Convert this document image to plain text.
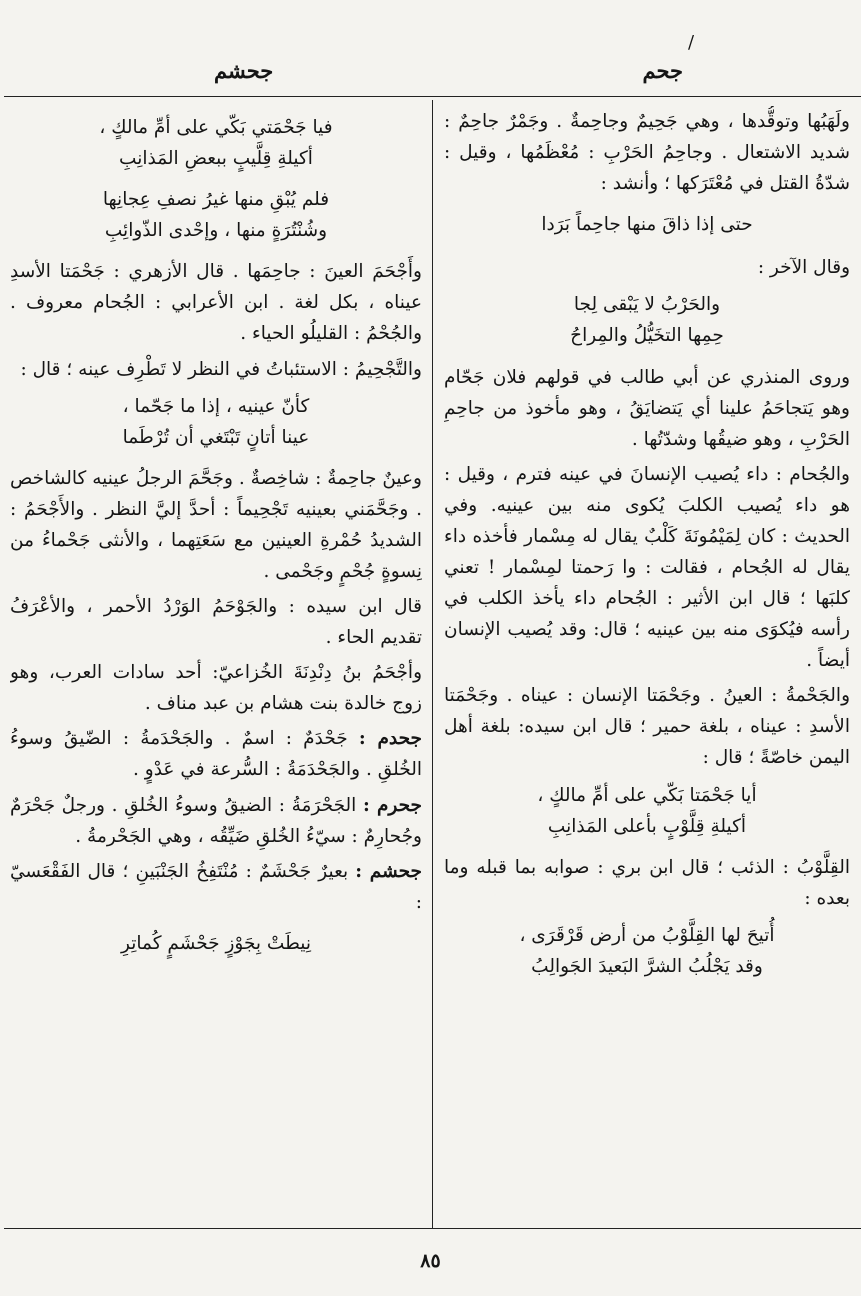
جحم
جحشم
/

ولَهَبُها وتوقُّدها ، وهي جَحِيمٌ وجاحِمةٌ . وجَمْرٌ جاحِمٌ : شديد الاشتعال . وجاحِمُ الحَرْبِ : مُعْظَمُها ، وقيل : شدّةُ القتل في مُعْتَرَكها ؛ وأنشد :

حتى إذا ذاقَ منها جاحِماً بَرَدا

وقال الآخر :

والحَرْبُ لا يَبْقى لِجا
حِمِها التخَيُّلُ والمِراحُ

وروى المنذري عن أبي طالب في قولهم فلان جَحّام وهو يَتجاحَمُ علينا أي يَتضايَقُ ، وهو مأخوذ من جاحِمِ الحَرْبِ ، وهو ضيقُها وشدّتُها .

والجُحام : داء يُصيب الإنسانَ في عينه فترم ، وقيل : هو داء يُصيب الكلبَ يُكوى منه بين عينيه. وفي الحديث : كان لِمَيْمُونَةَ كَلْبٌ يقال له مِسْمار فأخذه داء يقال له الجُحام ، فقالت : وا رَحمتا لمِسْمار ! تعني كلبَها ؛ قال ابن الأثير : الجُحام داء يأخذ الكلب في رأسه فيُكوَى منه بين عينيه ؛ قال: وقد يُصيب الإنسان أيضاً .

والجَحْمةُ : العينُ . وجَحْمَتا الإنسان : عيناه . وجَحْمَتا الأسدِ : عيناه ، بلغة حمير ؛ قال ابن سيده: بلغة أهل اليمن خاصّةً ؛ قال :

أيا جَحْمَتا بَكّي على أمِّ مالكٍ ،
أكيلةِ قِلَّوْبٍ بأعلى المَذانِبِ

القِلَّوْبُ : الذئب ؛ قال ابن بري : صوابه بما قبله وما بعده :

أُتيحَ لها القِلَّوْبُ من أرض قَرْقَرَى ،
وقد يَجْلُبُ الشرَّ البَعيدَ الجَوالِبُ
فيا جَحْمَتي بَكّي على أمِّ مالكٍ ،
أكيلةِ قِلَّيبٍ ببعضِ المَذانِبِ
فلم يُبْقِ منها غيرُ نصفِ عِجانِها
وشُنْتُرَةٍ منها ، وإحْدى الذّوائِبِ

وأَجْحَمَ العينَ : جاحِمَها . قال الأزهري : جَحْمَتا الأسدِ عيناه ، بكل لغة . ابن الأعرابي : الجُحام معروف . والجُحْمُ : القليلُو الحياء .

والتَّجْحِيمُ : الاستئباتُ في النظر لا تَطْرِف عينه ؛ قال :

كأنّ عينيه ، إذا ما جَحّما ،
عينا أتانٍ تَبْتَغي أن تُرْطَما

وعينٌ جاحِمةٌ : شاخِصةٌ . وجَحَّمَ الرجلُ عينيه كالشاخص . وجَحَّمَني بعينيه تَجْحِيماً : أحدَّ إليَّ النظر . والأَجْحَمُ : الشديدُ حُمْرةِ العينين مع سَعَتِهما ، والأنثى جَحْماءُ من نِسوةٍ جُحْمٍ وجَحْمى .

قال ابن سيده : والجَوْحَمُ الوَرْدُ الأحمر ، والأعْرَفُ تقديم الحاء .

وأجْحَمُ بنُ دِنْدِنَةَ الخُزاعيّ: أحد سادات العرب، وهو زوج خالدة بنت هشام بن عبد مناف .

جحدم : جَحْدَمٌ : اسمٌ . والجَحْدَمةُ : الضّيقُ وسوءُ الخُلقِ . والجَحْدَمَةُ : السُّرعة في عَدْوٍ .

جحرم : الجَحْرَمَةُ : الضيقُ وسوءُ الخُلقِ . ورجلٌ جَحْرَمٌ وجُحارِمٌ : سيّءُ الخُلقِ ضَيِّقُه ، وهي الجَحْرمةُ .

جحشم : بعيرٌ جَحْشَمٌ : مُنْتَفِخُ الجَنْبَينِ ؛ قال الفَقْعَسيّ :

نِيطَتْ بِجَوْزٍ جَحْشَمٍ كُماتِرِ
٨٥
